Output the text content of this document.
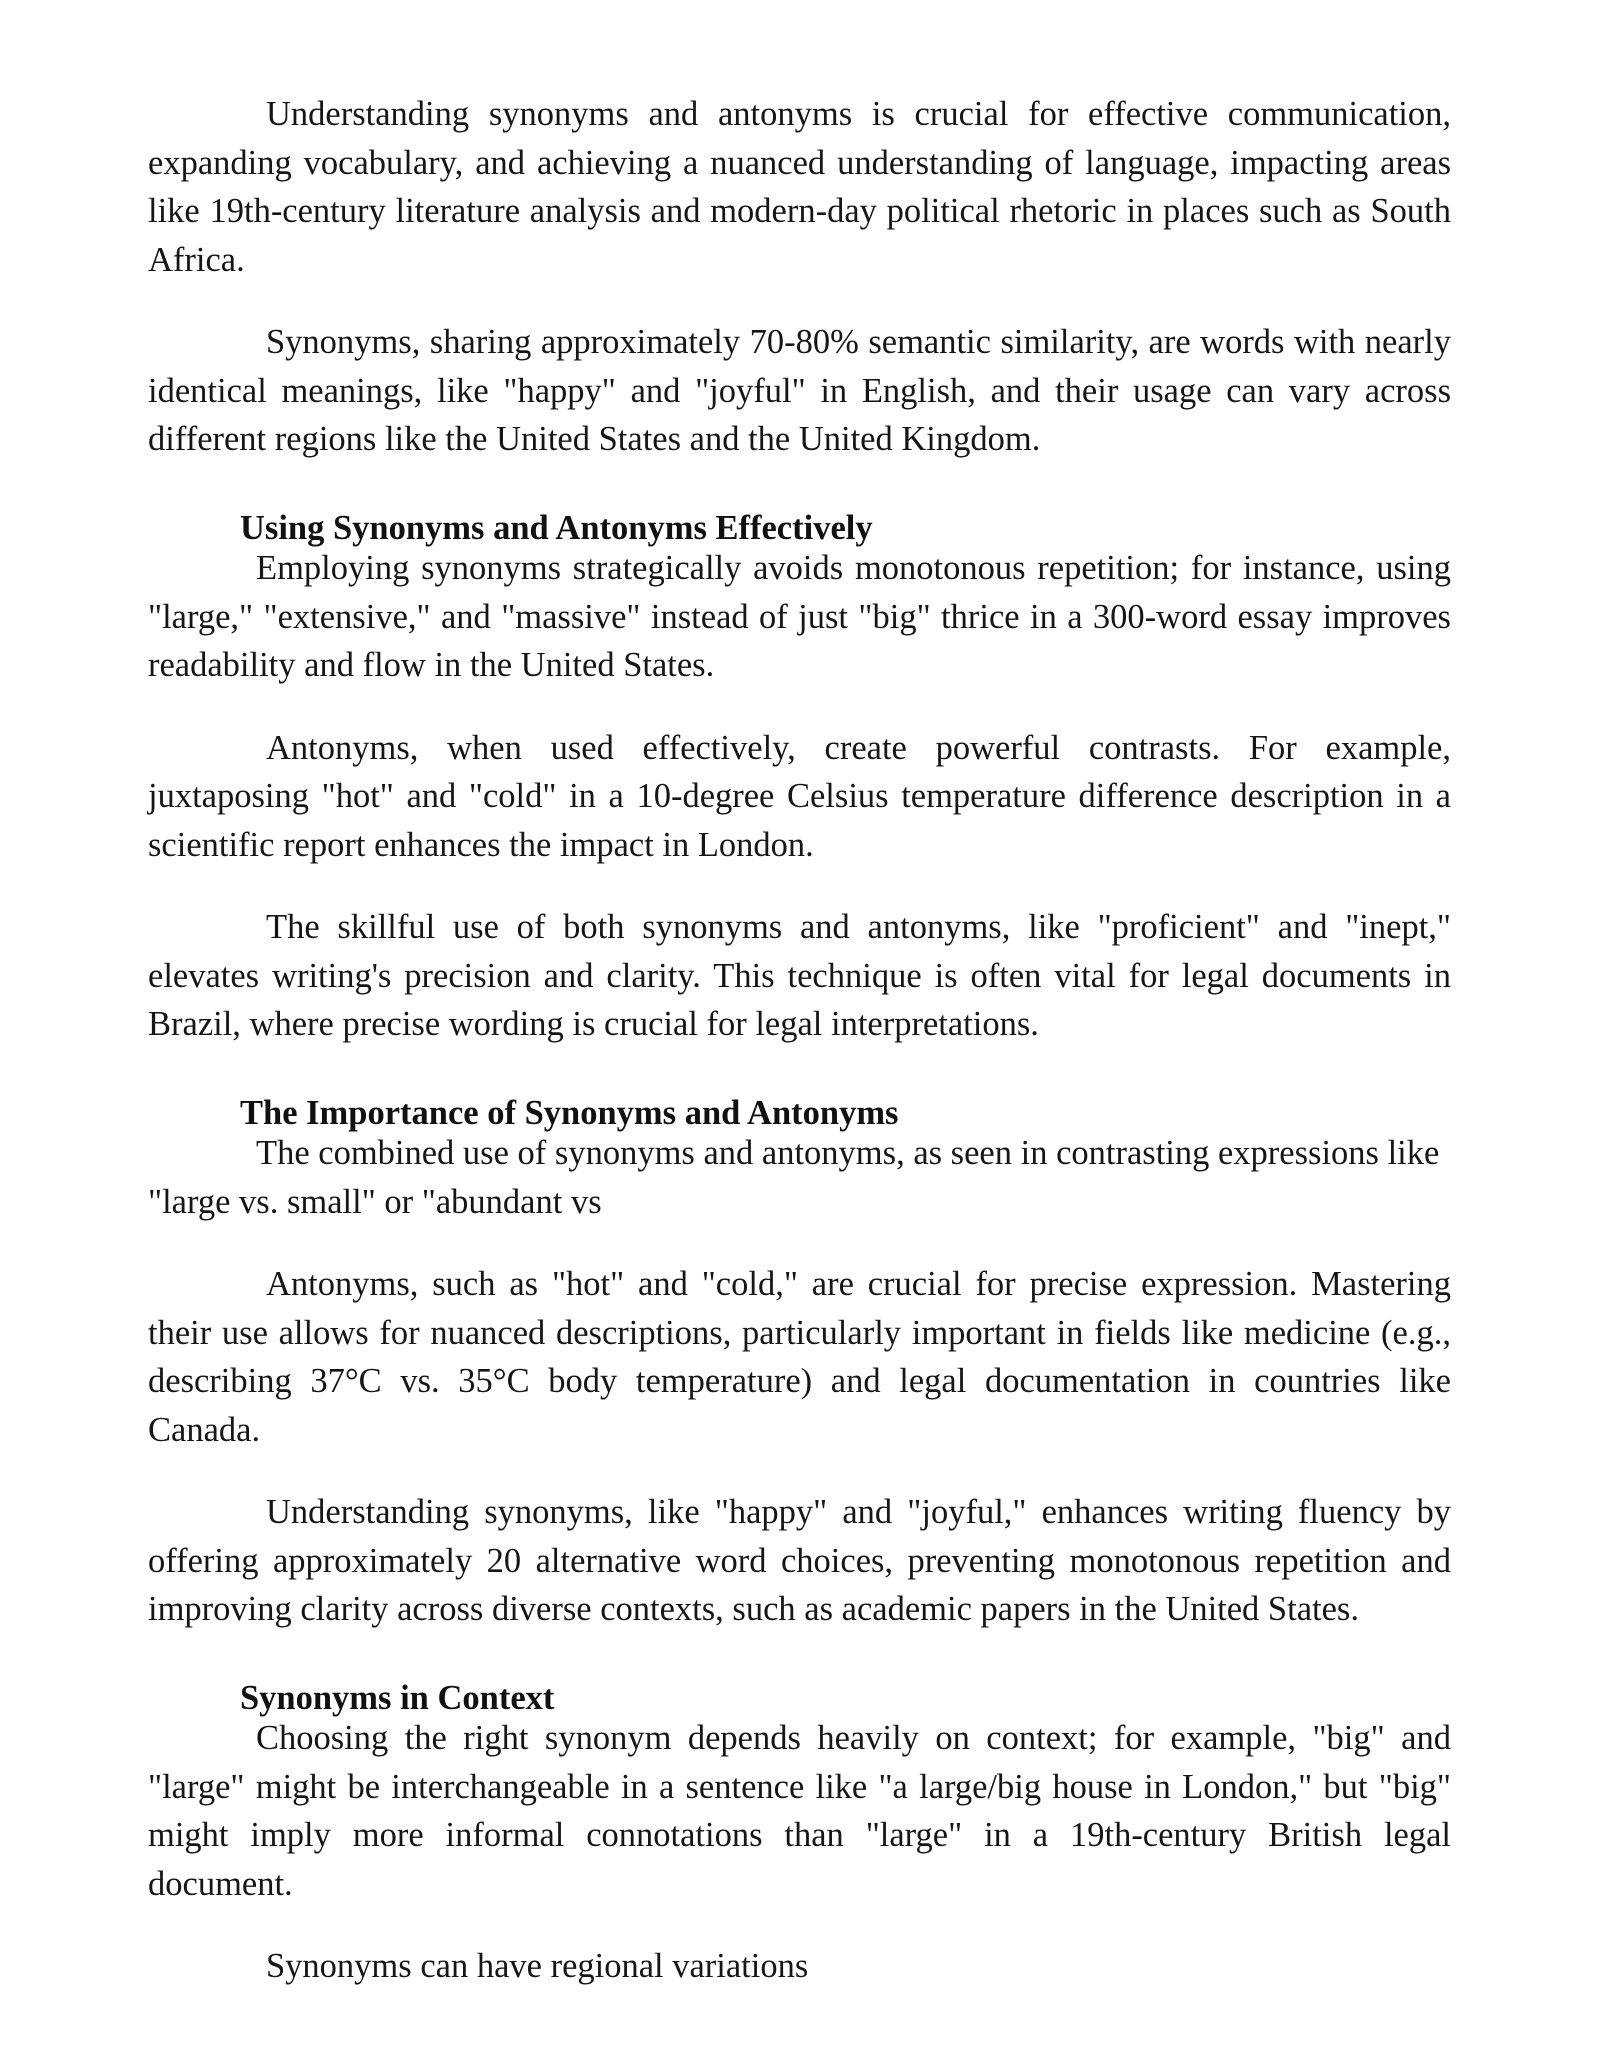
Understanding synonyms and antonyms is crucial for effective communication, expanding vocabulary, and achieving a nuanced understanding of language, impacting areas like 19th-century literature analysis and modern-day political rhetoric in places such as South Africa.

Synonyms, sharing approximately 70-80% semantic similarity, are words with nearly identical meanings, like "happy" and "joyful" in English, and their usage can vary across different regions like the United States and the United Kingdom.

Using Synonyms and Antonyms Effectively

Employing synonyms strategically avoids monotonous repetition; for instance, using "large," "extensive," and "massive" instead of just "big" thrice in a 300-word essay improves readability and flow in the United States.

Antonyms, when used effectively, create powerful contrasts. For example, juxtaposing "hot" and "cold" in a 10-degree Celsius temperature difference description in a scientific report enhances the impact in London.

The skillful use of both synonyms and antonyms, like "proficient" and "inept," elevates writing's precision and clarity. This technique is often vital for legal documents in Brazil, where precise wording is crucial for legal interpretations.

The Importance of Synonyms and Antonyms

The combined use of synonyms and antonyms, as seen in contrasting expressions like "large vs. small" or "abundant vs

Antonyms, such as "hot" and "cold," are crucial for precise expression. Mastering their use allows for nuanced descriptions, particularly important in fields like medicine (e.g., describing 37°C vs. 35°C body temperature) and legal documentation in countries like Canada.

Understanding synonyms, like "happy" and "joyful," enhances writing fluency by offering approximately 20 alternative word choices, preventing monotonous repetition and improving clarity across diverse contexts, such as academic papers in the United States.

Synonyms in Context

Choosing the right synonym depends heavily on context; for example, "big" and "large" might be interchangeable in a sentence like "a large/big house in London," but "big" might imply more informal connotations than "large" in a 19th-century British legal document.

Synonyms can have regional variations
